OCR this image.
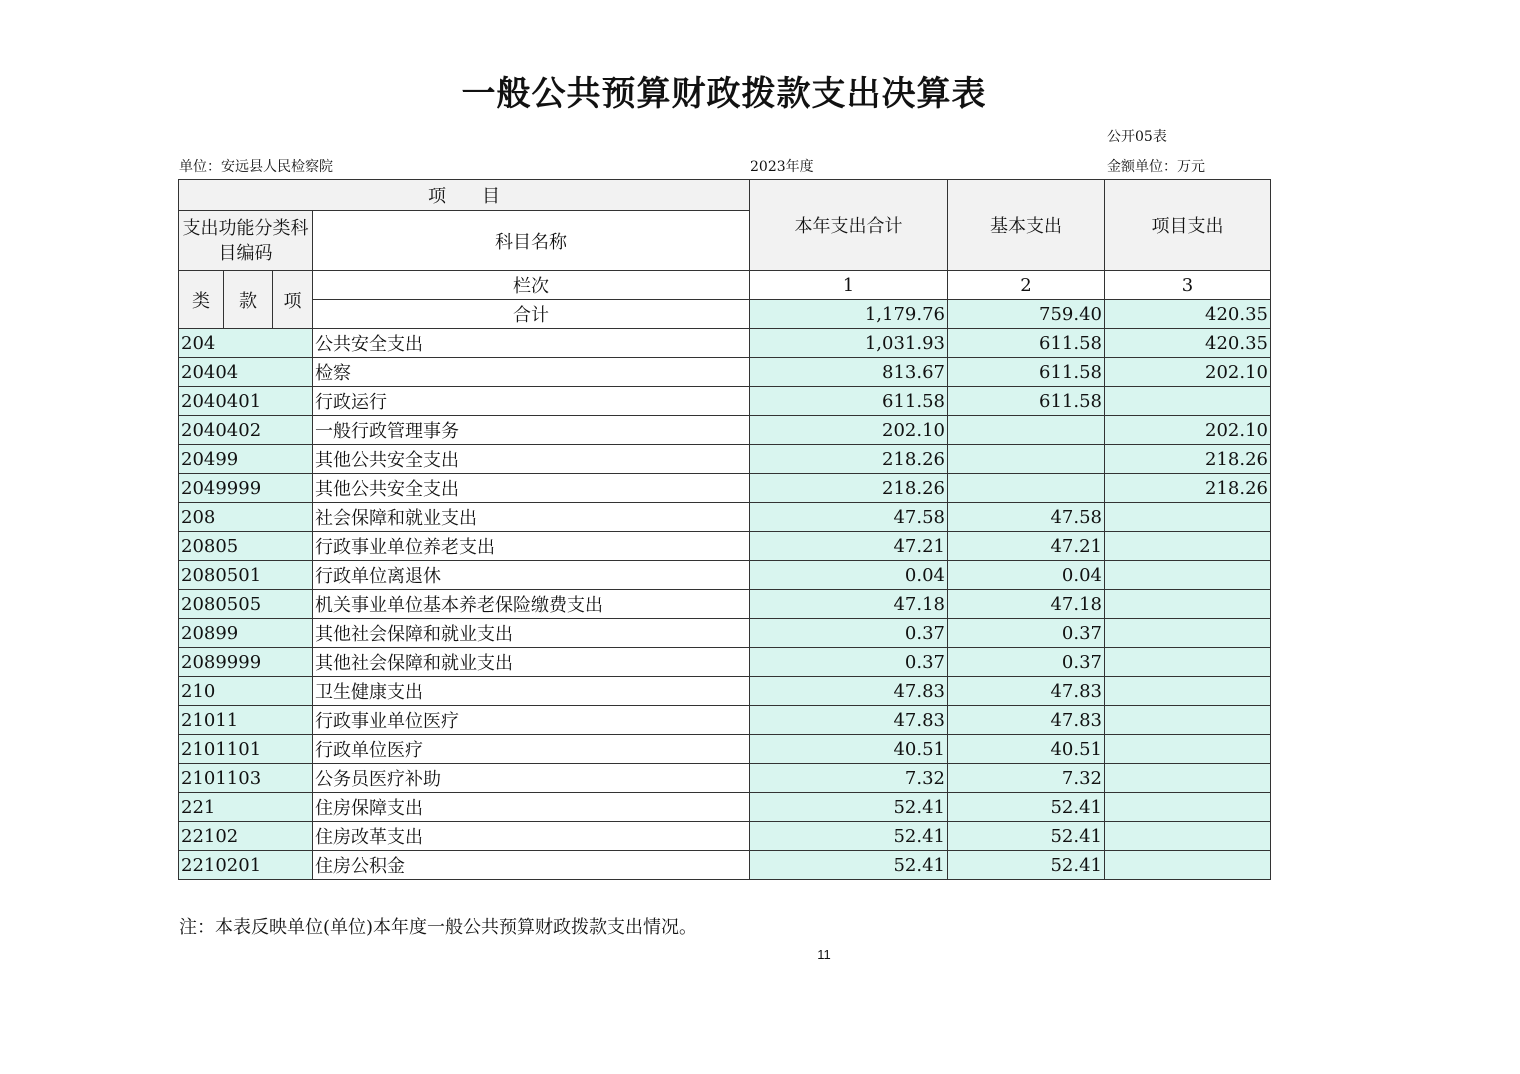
一般公共预算财政拨款支出决算表
公开05表
单位：安远县人民检察院	2023年度	金额单位：万元
项　　目				本年支出合计	基本支出	项目支出
支出功能分类科目编码			科目名称			
类	款	项	栏次	1	2	3
			合计	1,179.76	759.40	420.35
204			公共安全支出	1,031.93	611.58	420.35
20404			检察	813.67	611.58	202.10
2040401			行政运行	611.58	611.58	
2040402			一般行政管理事务	202.10		202.10
20499			其他公共安全支出	218.26		218.26
2049999			其他公共安全支出	218.26		218.26
208			社会保障和就业支出	47.58	47.58	
20805			行政事业单位养老支出	47.21	47.21	
2080501			行政单位离退休	0.04	0.04	
2080505			机关事业单位基本养老保险缴费支出	47.18	47.18	
20899			其他社会保障和就业支出	0.37	0.37	
2089999			其他社会保障和就业支出	0.37	0.37	
210			卫生健康支出	47.83	47.83	
21011			行政事业单位医疗	47.83	47.83	
2101101			行政单位医疗	40.51	40.51	
2101103			公务员医疗补助	7.32	7.32	
221			住房保障支出	52.41	52.41	
22102			住房改革支出	52.41	52.41	
2210201			住房公积金	52.41	52.41	
注：本表反映单位(单位)本年度一般公共预算财政拨款支出情况。
11
